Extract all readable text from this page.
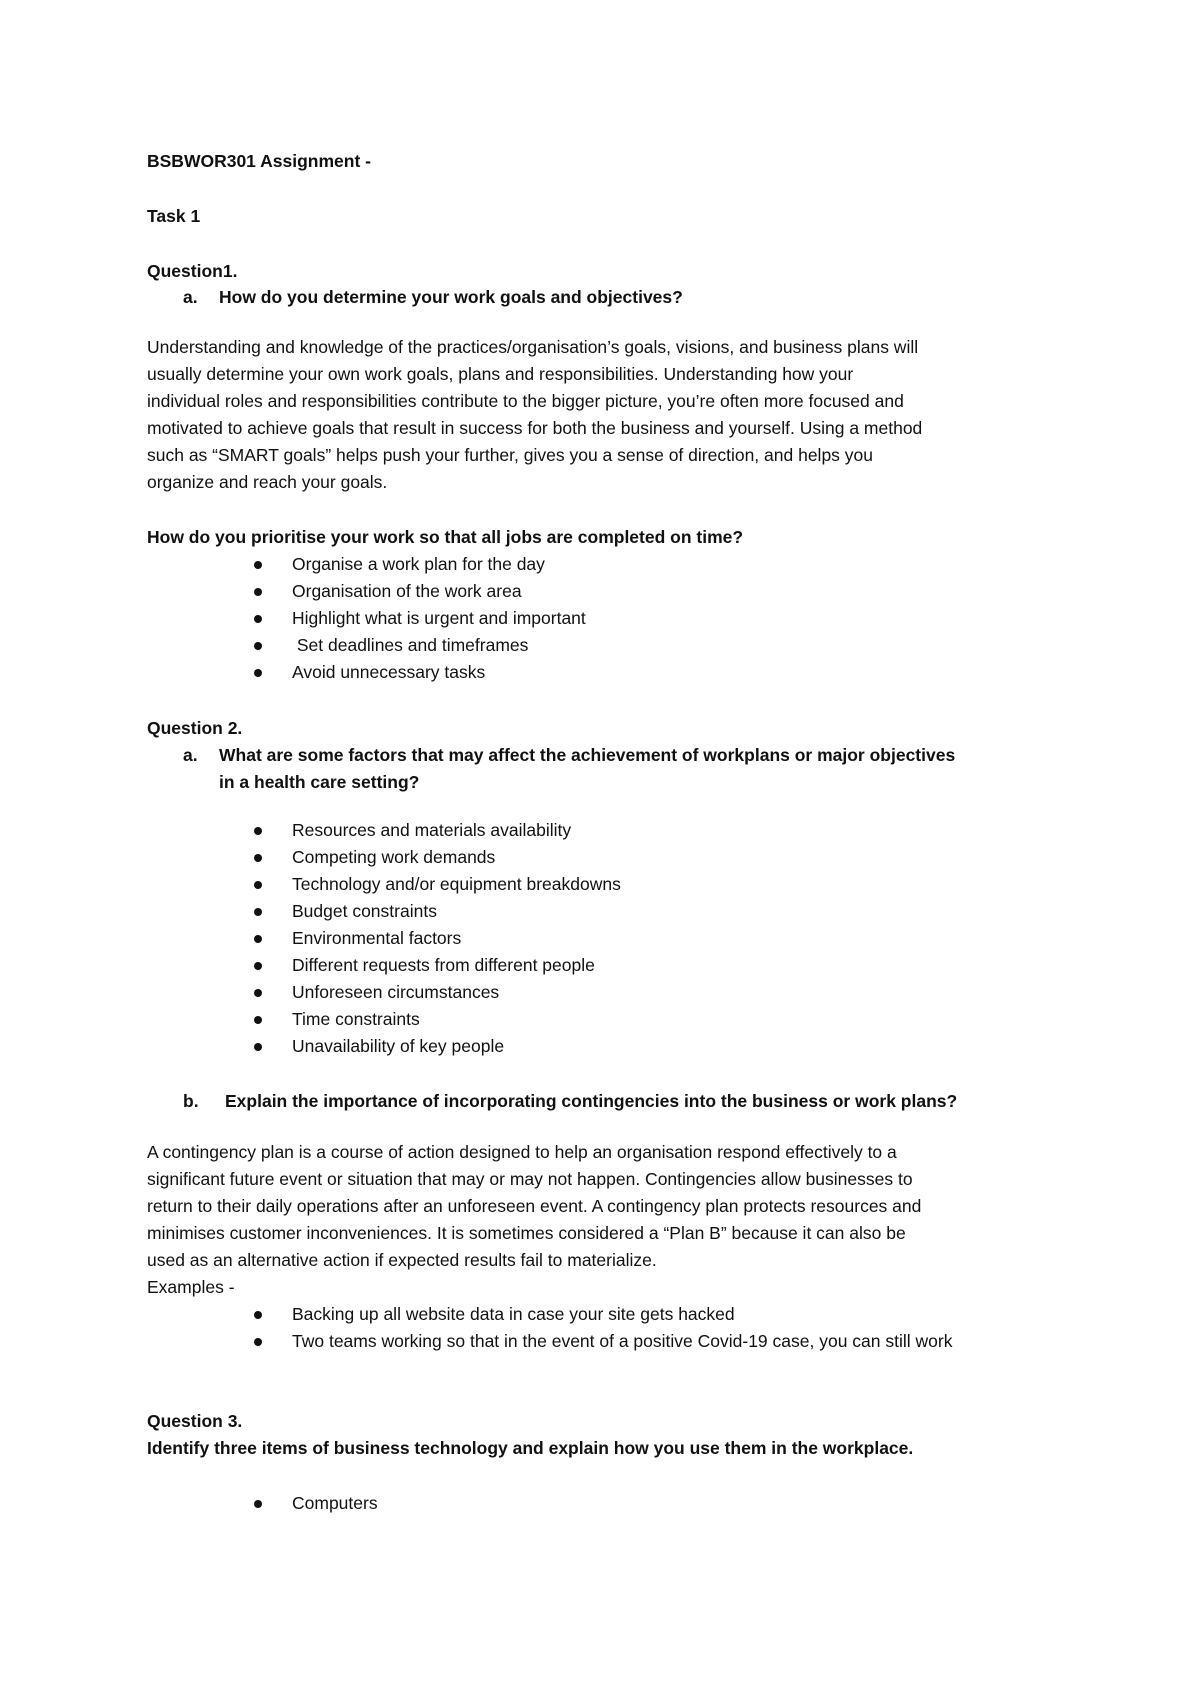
BSBWOR301 Assignment -

Task 1

Question1.

a. How do you determine your work goals and objectives?

Understanding and knowledge of the practices/organisation’s goals, visions, and business plans will

usually determine your own work goals, plans and responsibilities. Understanding how your

individual roles and responsibilities contribute to the bigger picture, you’re often more focused and

motivated to achieve goals that result in success for both the business and yourself. Using a method

such as “SMART goals” helps push your further, gives you a sense of direction, and helps you

organize and reach your goals.

How do you prioritise your work so that all jobs are completed on time?

Organise a work plan for the day
Organisation of the work area
Highlight what is urgent and important
Set deadlines and timeframes
Avoid unnecessary tasks

Question 2.

a. What are some factors that may affect the achievement of workplans or major objectives
in a health care setting?
Resources and materials availability
Competing work demands
Technology and/or equipment breakdowns
Budget constraints
Environmental factors
Different requests from different people
Unforeseen circumstances
Time constraints
Unavailability of key people
b. Explain the importance of incorporating contingencies into the business or work plans?

A contingency plan is a course of action designed to help an organisation respond effectively to a

significant future event or situation that may or may not happen. Contingencies allow businesses to

return to their daily operations after an unforeseen event. A contingency plan protects resources and

minimises customer inconveniences. It is sometimes considered a “Plan B” because it can also be

used as an alternative action if expected results fail to materialize.

Examples -

Backing up all website data in case your site gets hacked
Two teams working so that in the event of a positive Covid-19 case, you can still work

Question 3.

Identify three items of business technology and explain how you use them in the workplace.

Computers
